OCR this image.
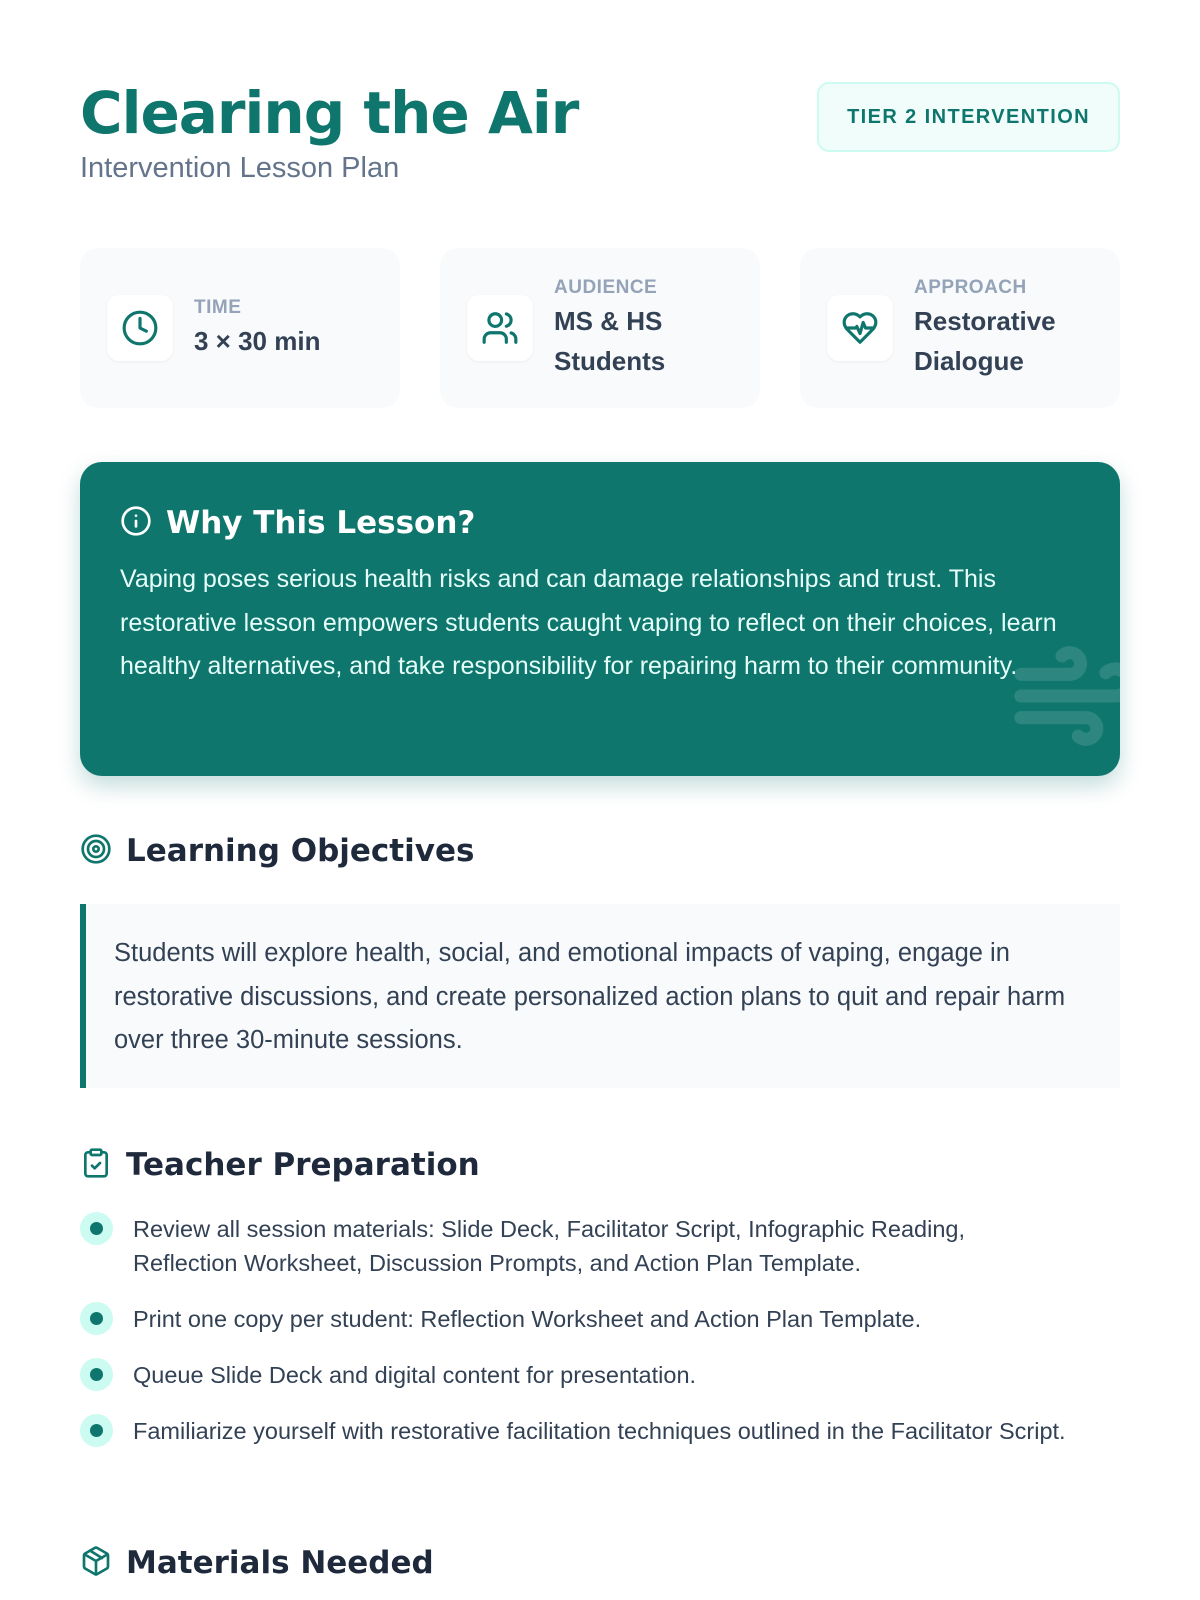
Clearing the Air
Intervention Lesson Plan
TIER 2 INTERVENTION
TIME
3 × 30 min
AUDIENCE
MS & HS
Students
APPROACH
Restorative
Dialogue
Why This Lesson?

Vaping poses serious health risks and can damage relationships and trust. This restorative lesson empowers students caught vaping to reflect on their choices, learn healthy alternatives, and take responsibility for repairing harm to their community.

Learning Objectives

Students will explore health, social, and emotional impacts of vaping, engage in restorative discussions, and create personalized action plans to quit and repair harm over three 30-minute sessions.

Teacher Preparation
Review all session materials: Slide Deck, Facilitator Script, Infographic Reading, Reflection Worksheet, Discussion Prompts, and Action Plan Template.
Print one copy per student: Reflection Worksheet and Action Plan Template.
Queue Slide Deck and digital content for presentation.
Familiarize yourself with restorative facilitation techniques outlined in the Facilitator Script.
Materials Needed
